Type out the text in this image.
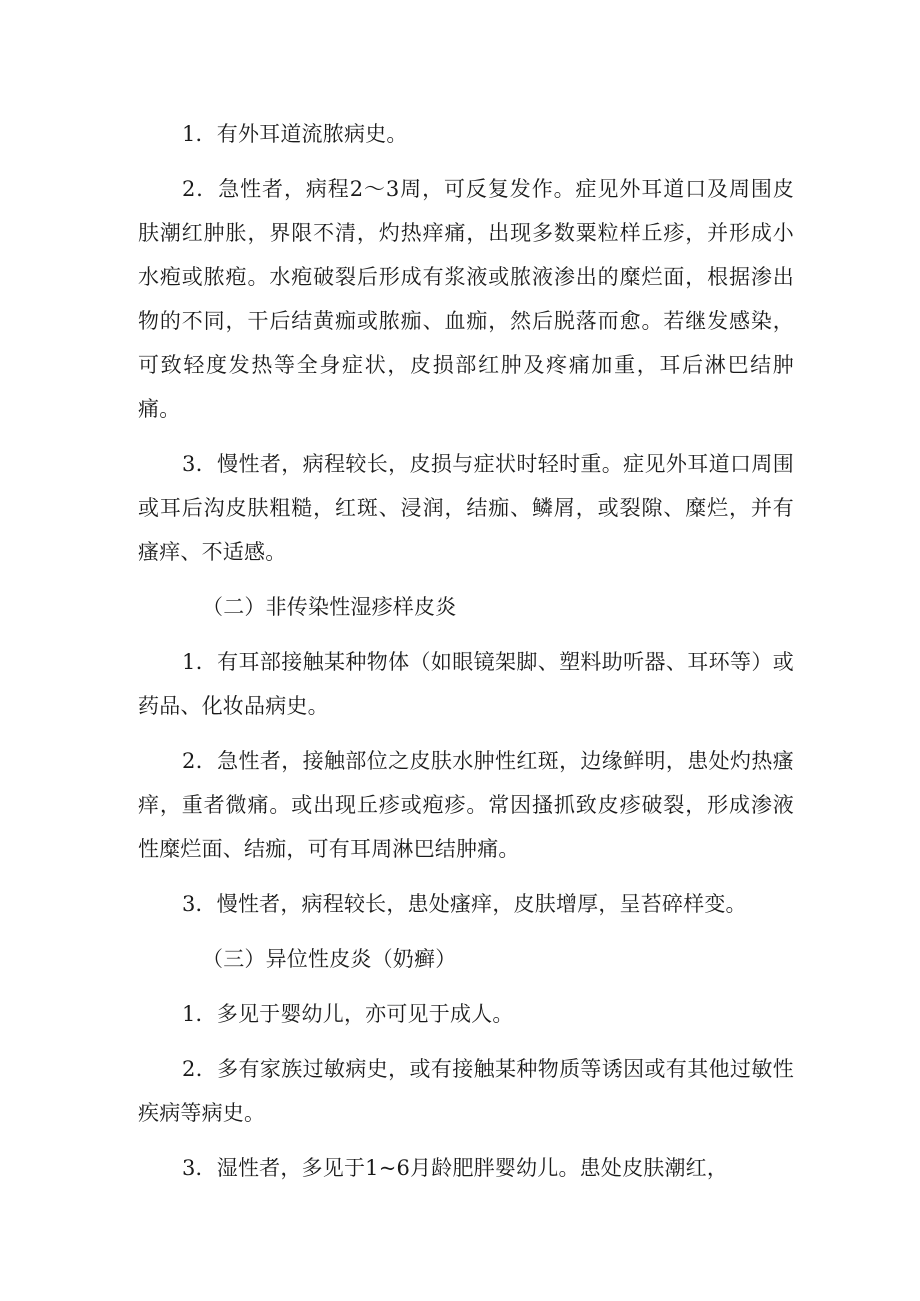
1．有外耳道流脓病史。

2．急性者，病程2～3周，可反复发作。症见外耳道口及周围皮肤潮红肿胀，界限不清，灼热痒痛，出现多数粟粒样丘疹，并形成小水疱或脓疱。水疱破裂后形成有浆液或脓液渗出的糜烂面，根据渗出物的不同，干后结黄痂或脓痂、血痂，然后脱落而愈。若继发感染，可致轻度发热等全身症状，皮损部红肿及疼痛加重，耳后淋巴结肿痛。

3．慢性者，病程较长，皮损与症状时轻时重。症见外耳道口周围或耳后沟皮肤粗糙，红斑、浸润，结痂、鳞屑，或裂隙、糜烂，并有瘙痒、不适感。

（二）非传染性湿疹样皮炎

1．有耳部接触某种物体（如眼镜架脚、塑料助听器、耳环等）或药品、化妆品病史。

2．急性者，接触部位之皮肤水肿性红斑，边缘鲜明，患处灼热瘙痒，重者微痛。或出现丘疹或疱疹。常因搔抓致皮疹破裂，形成渗液性糜烂面、结痂，可有耳周淋巴结肿痛。

3．慢性者，病程较长，患处瘙痒，皮肤增厚，呈苔碎样变。

（三）异位性皮炎（奶癣）

1．多见于婴幼儿，亦可见于成人。

2．多有家族过敏病史，或有接触某种物质等诱因或有其他过敏性疾病等病史。

3．湿性者，多见于1~6月龄肥胖婴幼儿。患处皮肤潮红，
